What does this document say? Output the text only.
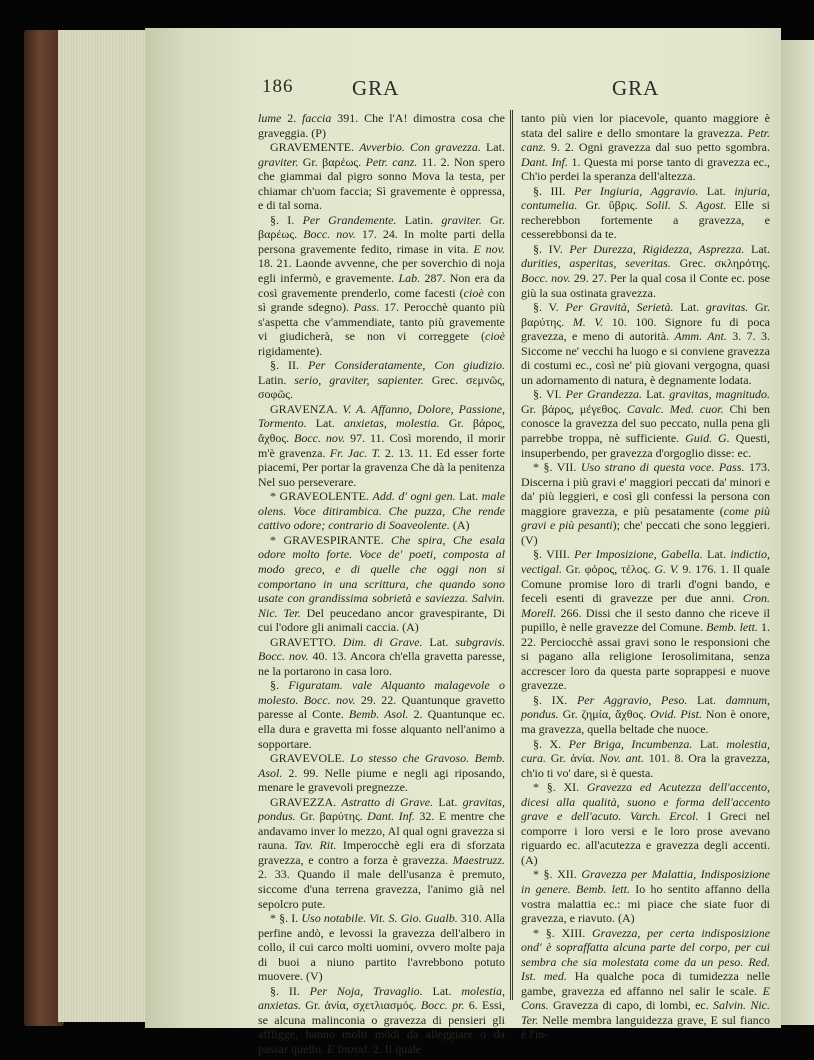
186	GRA	GRA

lume 2. faccia 391. Che l'A! dimostra cosa che graveggia. (P)

GRAVEMENTE. Avverbio. Con gravezza. Lat. graviter. Gr. βαρέως. Petr. canz. 11. 2. Non spero che giammai dal pigro sonno Mova la testa, per chiamar ch'uom faccia; Sì gravemente è oppressa, e di tal soma.

§. I. Per Grandemente. Latin. graviter. Gr. βαρέως. Bocc. nov. 17. 24. In molte parti della persona gravemente fedito, rimase in vita. E nov. 18. 21. Laonde avvenne, che per soverchio di noja egli infermò, e gravemente. Lab. 287. Non era da così gravemente prenderlo, come facesti (cioè con sì grande sdegno). Pass. 17. Perocchè quanto più s'aspetta che v'ammendiate, tanto più gravemente vi giudicherà, se non vi correggete (cioè rigidamente).

§. II. Per Consideratamente, Con giudizio. Latin. serio, graviter, sapienter. Grec. σεμνῶς, σοφῶς.

GRAVENZA. V. A. Affanno, Dolore, Passione, Tormento. Lat. anxietas, molestia. Gr. βάρος, ἄχθος. Bocc. nov. 97. 11. Così morendo, il morir m'è gravenza. Fr. Jac. T. 2. 13. 11. Ed esser forte piacemi, Per portar la gravenza Che dà la penitenza Nel suo perseverare.

* GRAVEOLENTE. Add. d' ogni gen. Lat. male olens. Voce ditirambica. Che puzza, Che rende cattivo odore; contrario di Soaveolente. (A)

* GRAVESPIRANTE. Che spira, Che esala odore molto forte. Voce de' poeti, composta al modo greco, e di quelle che oggi non si comportano in una scrittura, che quando sono usate con grandissima sobrietà e saviezza. Salvin. Nic. Ter. Del peucedano ancor gravespirante, Di cui l'odore gli animali caccia. (A)

GRAVETTO. Dim. di Grave. Lat. subgravis. Bocc. nov. 40. 13. Ancora ch'ella gravetta paresse, ne la portarono in casa loro.

§. Figuratam. vale Alquanto malagevole o molesto. Bocc. nov. 29. 22. Quantunque gravetto paresse al Conte. Bemb. Asol. 2. Quantunque ec. ella dura e gravetta mi fosse alquanto nell'animo a sopportare.

GRAVEVOLE. Lo stesso che Gravoso. Bemb. Asol. 2. 99. Nelle piume e negli agi riposando, menare le gravevoli pregnezze.

GRAVEZZA. Astratto di Grave. Lat. gravitas, pondus. Gr. βαρύτης. Dant. Inf. 32. E mentre che andavamo inver lo mezzo, Al qual ogni gravezza si rauna. Tav. Rit. Imperocchè egli era di sforzata gravezza, e contro a forza è gravezza. Maestruzz. 2. 33. Quando il male dell'usanza è premuto, siccome d'una terrena gravezza, l'animo già nel sepolcro pute.

* §. I. Uso notabile. Vit. S. Gio. Gualb. 310. Alla perfine andò, e levossi la gravezza dell'albero in collo, il cui carco molti uomini, ovvero molte paja di buoi a niuno partito l'avrebbono potuto muovere. (V)

§. II. Per Noja, Travaglio. Lat. molestia, anxietas. Gr. ἀνία, σχετλιασμός. Bocc. pr. 6. Essi, se alcuna malinconia o gravezza di pensieri gli affligge, hanno molti modi da alleggiare o da passar quello. E Introd. 2. Il quale

tanto più vien lor piacevole, quanto maggiore è stata del salire e dello smontare la gravezza. Petr. canz. 9. 2. Ogni gravezza dal suo petto sgombra. Dant. Inf. 1. Questa mi porse tanto di gravezza ec., Ch'io perdei la speranza dell'altezza.

§. III. Per Ingiuria, Aggravio. Lat. injuria, contumelia. Gr. ὕβρις. Solil. S. Agost. Elle si recherebbon fortemente a gravezza, e cesserebbonsi da te.

§. IV. Per Durezza, Rigidezza, Asprezza. Lat. durities, asperitas, severitas. Grec. σκληρότης. Bocc. nov. 29. 27. Per la qual cosa il Conte ec. pose giù la sua ostinata gravezza.

§. V. Per Gravità, Serietà. Lat. gravitas. Gr. βαρύτης. M. V. 10. 100. Signore fu di poca gravezza, e meno di autorità. Amm. Ant. 3. 7. 3. Siccome ne' vecchi ha luogo e si conviene gravezza di costumi ec., così ne' più giovani vergogna, quasi un adornamento di natura, è degnamente lodata.

§. VI. Per Grandezza. Lat. gravitas, magnitudo. Gr. βάρος, μέγεθος. Cavalc. Med. cuor. Chi ben conosce la gravezza del suo peccato, nulla pena gli parrebbe troppa, nè sufficiente. Guid. G. Questi, insuperbendo, per gravezza d'orgoglio disse: ec.

* §. VII. Uso strano di questa voce. Pass. 173. Discerna i più gravi e' maggiori peccati da' minori e da' più leggieri, e così gli confessi la persona con maggiore gravezza, e più pesatamente (come più gravi e più pesanti); che' peccati che sono leggieri. (V)

§. VIII. Per Imposizione, Gabella. Lat. indictio, vectigal. Gr. φόρος, τέλος. G. V. 9. 176. 1. Il quale Comune promise loro di trarli d'ogni bando, e feceli esenti di gravezze per due anni. Cron. Morell. 266. Dissi che il sesto danno che riceve il pupillo, è nelle gravezze del Comune. Bemb. lett. 1. 22. Perciocchè assai gravi sono le responsioni che si pagano alla religione Ierosolimitana, senza accrescer loro da questa parte soprappesi e nuove gravezze.

§. IX. Per Aggravio, Peso. Lat. damnum, pondus. Gr. ζημία, ἄχθος. Ovid. Pist. Non è onore, ma gravezza, quella beltade che nuoce.

§. X. Per Briga, Incumbenza. Lat. molestia, cura. Gr. ἀνία. Nov. ant. 101. 8. Ora la gravezza, ch'io ti vo' dare, si è questa.

* §. XI. Gravezza ed Acutezza dell'accento, dicesi alla qualità, suono e forma dell'accento grave e dell'acuto. Varch. Ercol. I Greci nel comporre i loro versi e le loro prose avevano riguardo ec. all'acutezza e gravezza degli accenti. (A)

* §. XII. Gravezza per Malattia, Indisposizione in genere. Bemb. lett. Io ho sentito affanno della vostra malattia ec.: mi piace che siate fuor di gravezza, e riavuto. (A)

* §. XIII. Gravezza, per certa indisposizione ond' è sopraffatta alcuna parte del corpo, per cui sembra che sia molestata come da un peso. Red. Ist. med. Ha qualche poca di tumidezza nelle gambe, gravezza ed affanno nel salir le scale. E Cons. Gravezza di capo, di lombi, ec. Salvin. Nic. Ter. Nelle membra languidezza grave, E sul fianco è l'in-
